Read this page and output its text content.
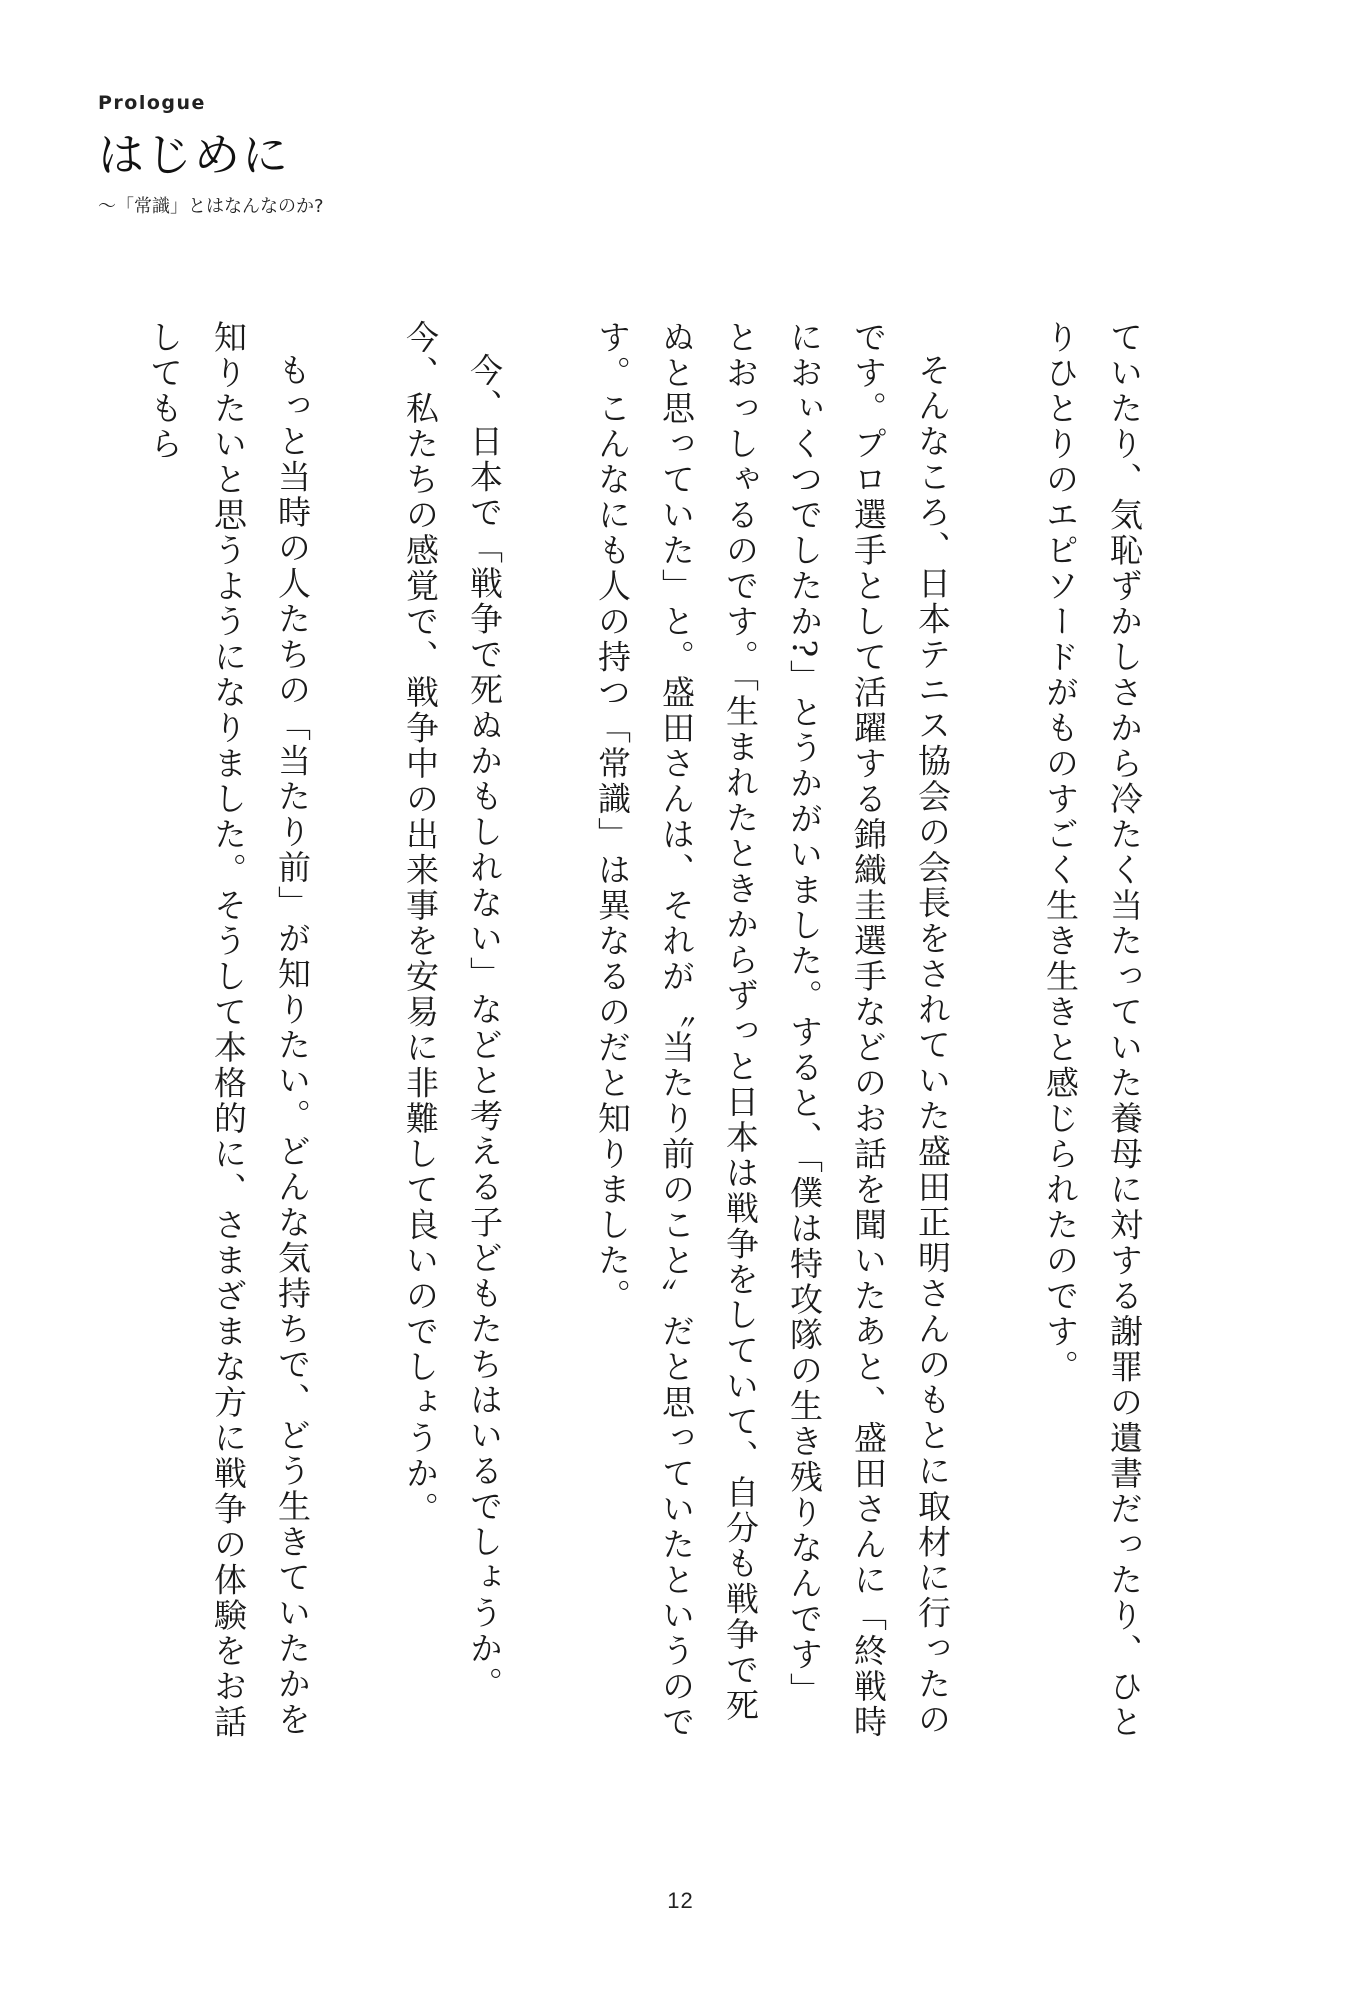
Prologue

はじめに

〜「常識」とはなんなのか?

ていたり、気恥ずかしさから冷たく当たっていた養母に対する謝罪の遺書だったり、ひとりひとりのエピソードがものすごく生き生きと感じられたのです。

そんなころ、日本テニス協会の会長をされていた盛田正明さんのもとに取材に行ったのです。プロ選手として活躍する錦織圭選手などのお話を聞いたあと、盛田さんに「終戦時におぃくつでしたか?」とうかがいました。すると、「僕は特攻隊の生き残りなんです」とおっしゃるのです。「生まれたときからずっと日本は戦争をしていて、自分も戦争で死ぬと思っていた」と。盛田さんは、それが〝当たり前のこと〟だと思っていたというのです。こんなにも人の持つ「常識」は異なるのだと知りました。

今、日本で「戦争で死ぬかもしれない」などと考える子どもたちはいるでしょうか。今、私たちの感覚で、戦争中の出来事を安易に非難して良いのでしょうか。

もっと当時の人たちの「当たり前」が知りたい。どんな気持ちで、どう生きていたかを知りたいと思うようになりました。そうして本格的に、さまざまな方に戦争の体験をお話してもら

12
